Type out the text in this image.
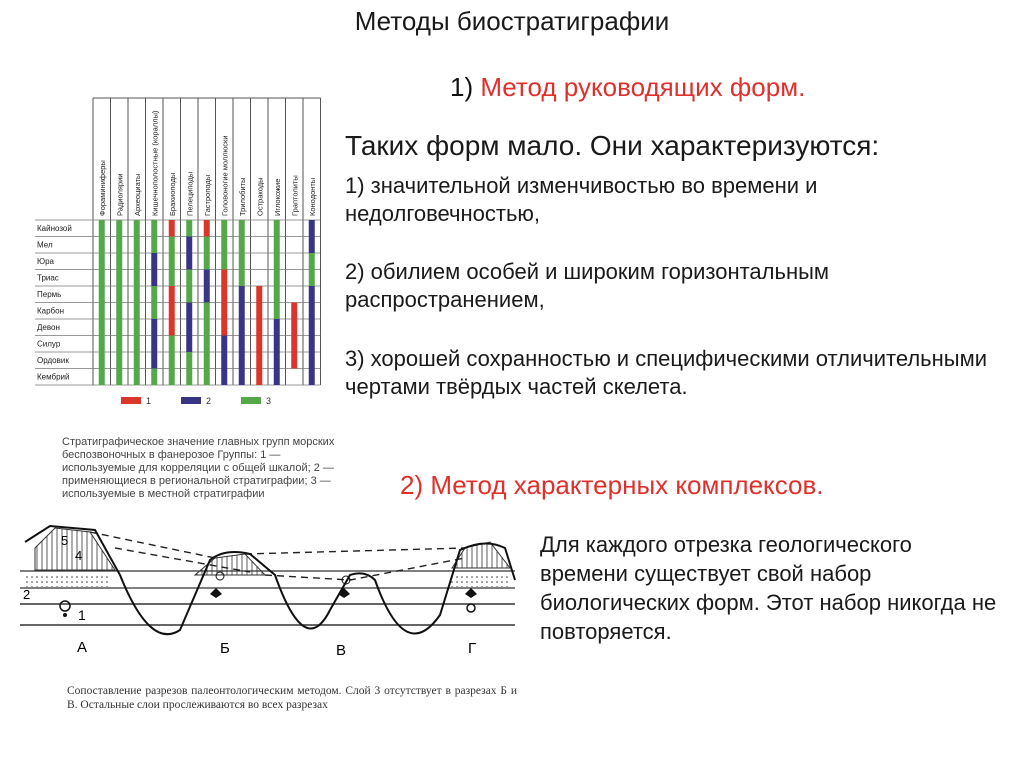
Методы биостратиграфии
1) Метод руководящих форм.
Таких форм мало. Они характеризуются:
1) значительной изменчивостью во времени и недолговечностью,
2) обилием особей и широким горизонтальным распространением,
3) хорошей сохранностью и специфическими отличительными чертами твёрдых частей скелета.
2) Метод характерных комплексов.
Для каждого отрезка геологического времени существует свой набор биологических форм. Этот набор никогда не повторяется.
Фораминиферы Радиолярии Археоциаты Кишечнополостные (кораллы) Брахиоподы Пелециподы Гастроподы Головоногие моллюски Трилобиты Остракоды Иглокожие Граптолиты Конодонты
Кайнозой
Мел
Юра
Триас
Пермь
Карбон
Девон
Силур
Ордовик
Кембрий
1	2	3
Стратиграфическое значение главных групп морских беспозвоночных в фанерозое Группы: 1 — используемые для корреляции с общей шкалой; 2 — применяющиеся в региональной стратиграфии; 3 — используемые в местной стратиграфии
5
4
2
1
А	Б	В	Г
Сопоставление разрезов палеонтологическим методом. Слой 3 отсутствует в разрезах Б и В. Остальные слои прослеживаются во всех разрезах
